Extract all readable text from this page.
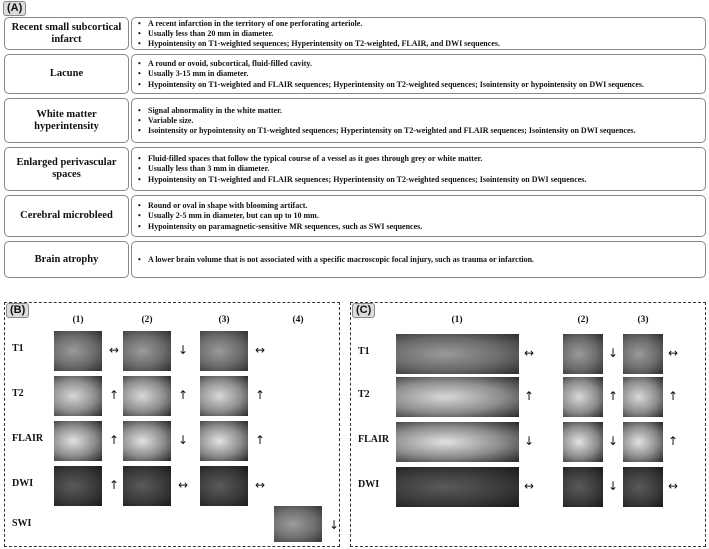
(A)
Recent small subcortical infarct
• A recent infarction in the territory of one perforating arteriole.
• Usually less than 20 mm in diameter.
• Hypointensity on T1-weighted sequences; Hyperintensity on T2-weighted, FLAIR, and DWI sequences.
Lacune
• A round or ovoid, subcortical, fluid-filled cavity.
• Usually 3-15 mm in diameter.
• Hypointensity on T1-weighted and FLAIR sequences; Hyperintensity on T2-weighted sequences; Isointensity or hypointensity on DWI sequences.
White matter hyperintensity
• Signal abnormality in the white matter.
• Variable size.
• Isointensity or hypointensity on T1-weighted sequences; Hyperintensity on T2-weighted and FLAIR sequences; Isointensity on DWI sequences.
Enlarged perivascular spaces
• Fluid-filled spaces that follow the typical course of a vessel as it goes through grey or white matter.
• Usually less than 3 mm in diameter.
• Hypointensity on T1-weighted and FLAIR sequences; Hyperintensity on T2-weighted sequences; Isointensity on DWI sequences.
Cerebral microbleed
• Round or oval in shape with blooming artifact.
• Usually 2-5 mm in diameter, but can up to 10 mm.
• Hypointensity on paramagnetic-sensitive MR sequences, such as SWI sequences.
Brain atrophy
•	A lower brain volume that is not associated with a specific macroscopic focal injury, such as trauma or infarction.
(B)
(1)	(2)	(3)	(4)
T1	↔	↓	↔
T2	↑	↑	↑
FLAIR	↑	↓	↑
DWI	↑	↔	↔
SWI	↓
(C)
(1)	(2)	(3)
T1	↔	↓	↔
T2	↑	↑	↑
FLAIR	↓	↓	↑
DWI	↔	↓	↔
